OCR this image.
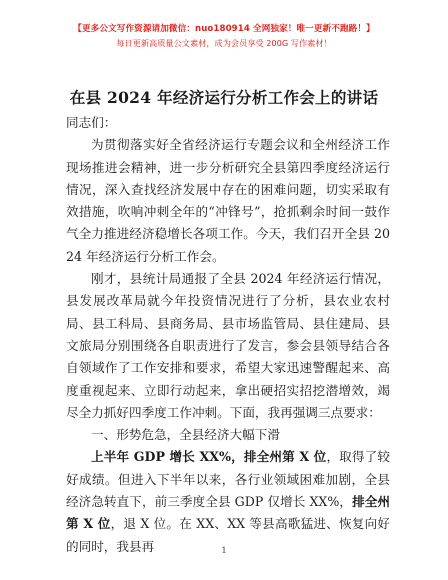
【更多公文写作资源请加微信：nuo180914 全网独家！唯一更新不跑路！】
每日更新高质量公文素材，成为会员享受 200G 写作素材！
在县 2024 年经济运行分析工作会上的讲话

同志们：

为贯彻落实好全省经济运行专题会议和全州经济工作现场推进会精神，进一步分析研究全县第四季度经济运行情况，深入查找经济发展中存在的困难问题，切实采取有效措施，吹响冲刺全年的“冲锋号”，抢抓剩余时间一鼓作气全力推进经济稳增长各项工作。今天，我们召开全县 2024 年经济运行分析工作会。

刚才，县统计局通报了全县 2024 年经济运行情况，县发展改革局就今年投资情况进行了分析，县农业农村局、县工科局、县商务局、县市场监管局、县住建局、县文旅局分别围绕各自职责进行了发言，参会县领导结合各自领域作了工作安排和要求，希望大家迅速警醒起来、高度重视起来、立即行动起来，拿出硬招实招挖潜增效，竭尽全力抓好四季度工作冲刺。下面，我再强调三点要求：

一、形势危急，全县经济大幅下滑

上半年 GDP 增长 XX%，排全州第 X 位，取得了较好成绩。但进入下半年以来，各行业领域困难加剧，全县经济急转直下，前三季度全县 GDP 仅增长 XX%，排全州第 X 位，退 X 位。在 XX、XX 等县高歌猛进、恢复向好的同时，我县再	1
